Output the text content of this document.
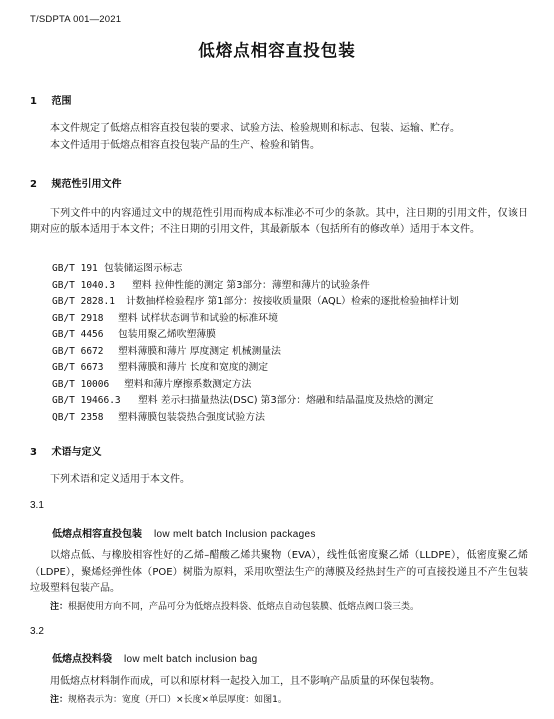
T/SDPTA 001—2021
低熔点相容直投包装
1 范围
本文件规定了低熔点相容直投包装的要求、试验方法、检验规则和标志、包装、运输、贮存。
本文件适用于低熔点相容直投包装产品的生产、检验和销售。
2 规范性引用文件
下列文件中的内容通过文中的规范性引用而构成本标准必不可少的条款。其中，注日期的引用文件，仅该日期对应的版本适用于本文件；不注日期的引用文件，其最新版本（包括所有的修改单）适用于本文件。
GB/T 191 包装储运图示标志
GB/T 1040.3 塑料 拉伸性能的测定 第3部分：薄塑和薄片的试验条件
GB/T 2828.1 计数抽样检验程序 第1部分：按接收质量限（AQL）检索的逐批检验抽样计划
GB/T 2918 塑料 试样状态调节和试验的标准环境
GB/T 4456 包装用聚乙烯吹塑薄膜
GB/T 6672 塑料薄膜和薄片 厚度测定 机械测量法
GB/T 6673 塑料薄膜和薄片 长度和宽度的测定
GB/T 10006 塑料和薄片摩擦系数测定方法
GB/T 19466.3 塑料 差示扫描量热法(DSC) 第3部分：熔融和结晶温度及热焓的测定
QB/T 2358 塑料薄膜包装袋热合强度试验方法
3 术语与定义
下列术语和定义适用于本文件。
3.1
低熔点相容直投包装 low melt batch Inclusion packages
以熔点低、与橡胶相容性好的乙烯–醋酸乙烯共聚物（EVA），线性低密度聚乙烯（LLDPE），低密度聚乙烯（LDPE），聚烯烃弹性体（POE）树脂为原料，采用吹塑法生产的薄膜及经热封生产的可直接投递且不产生包装垃圾塑料包装产品。
注：根据使用方向不同，产品可分为低熔点投料袋、低熔点自动包装膜、低熔点阀口袋三类。
3.2
低熔点投料袋 low melt batch inclusion bag
用低熔点材料制作而成，可以和原材料一起投入加工，且不影响产品质量的环保包装物。
注：规格表示为：宽度（开口）×长度×单层厚度：如图1。
